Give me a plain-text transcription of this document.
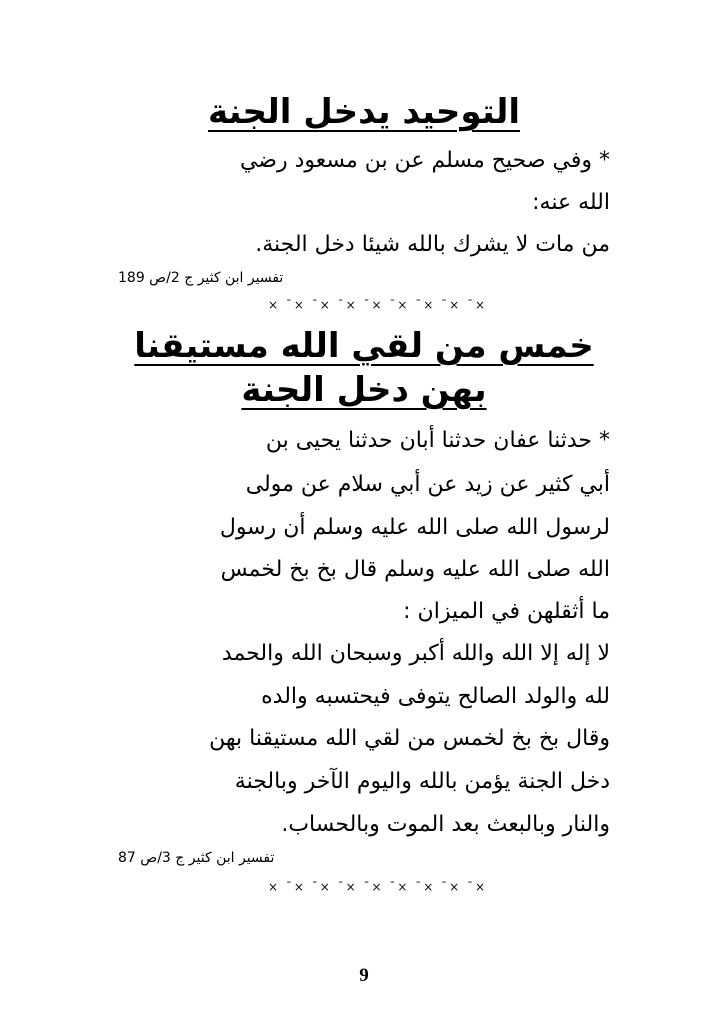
التوحيد يدخل الجنة
* وفي صحيح مسلم عن بن مسعود رضي
الله عنه:
من مات لا يشرك بالله شيئا دخل الجنة.
تفسير ابن كثير ج 2/ص 189
× ¯× ¯× ¯× ¯× ¯× ¯× ¯× ¯×
خمس من لقي الله مستيقنا
بهن دخل الجنة
* حدثنا عفان حدثنا أبان حدثنا يحيى بن
أبي كثير عن زيد عن أبي سلام عن مولى
لرسول الله صلى الله عليه وسلم أن رسول
الله صلى الله عليه وسلم قال بخ بخ لخمس
ما أثقلهن في الميزان :
لا إله إلا الله والله أكبر وسبحان الله والحمد
لله والولد الصالح يتوفى فيحتسبه والده
وقال بخ بخ لخمس من لقي الله مستيقنا بهن
دخل الجنة يؤمن بالله واليوم الآخر وبالجنة
والنار وبالبعث بعد الموت وبالحساب.
تفسير ابن كثير ج 3/ص 87
× ¯× ¯× ¯× ¯× ¯× ¯× ¯× ¯×
9
